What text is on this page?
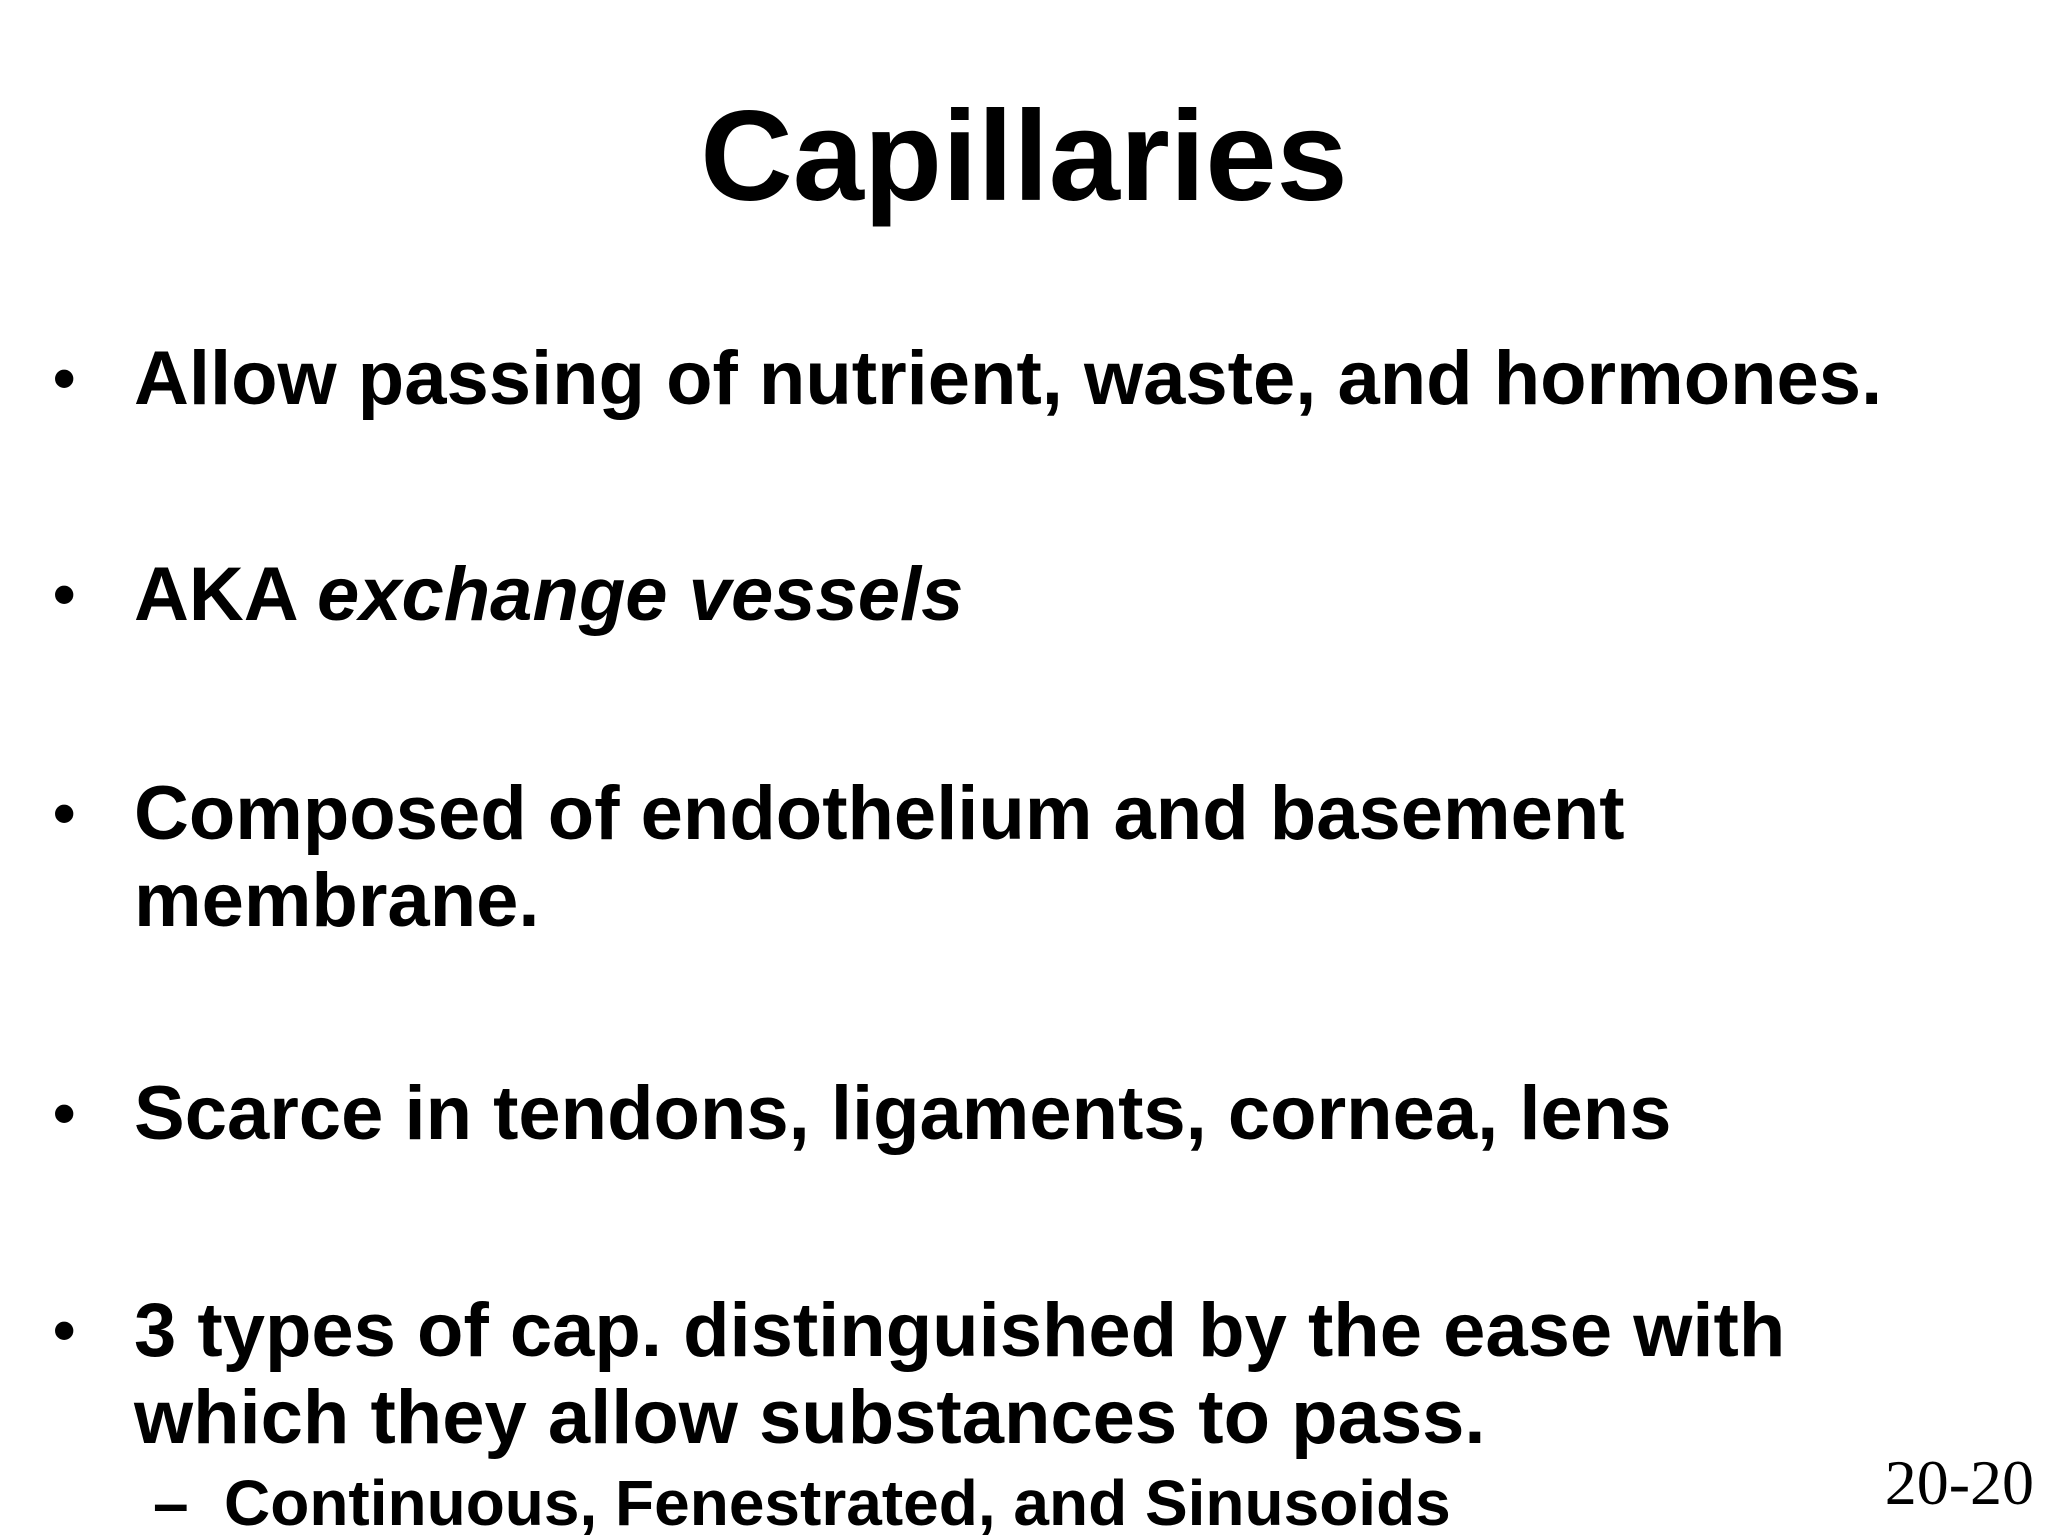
Capillaries
• Allow passing of nutrient, waste, and hormones.
• AKA exchange vessels
• Composed of endothelium and basement membrane.
• Scarce in tendons, ligaments, cornea, lens
• 3 types of cap. distinguished by the ease with which they allow substances to pass.
– Continuous, Fenestrated, and Sinusoids	20-20
